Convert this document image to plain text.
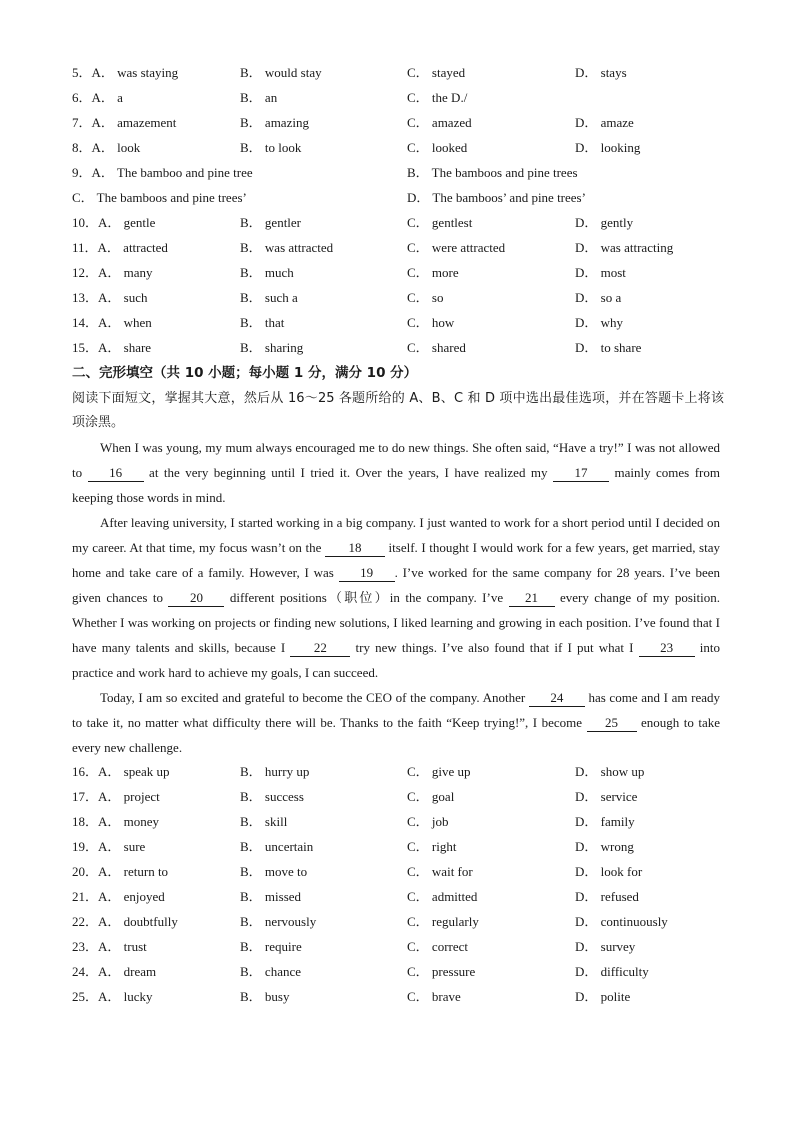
5．A． was staying	B． would stay	C． stayed	D． stays
6．A． a	B． an	C． the D./
7．A． amazement	B． amazing	C． amazed	D． amaze
8．A． look	B． to look	C． looked	D． looking
9．A． The bamboo and pine tree	B． The bamboos and pine trees
C． The bamboos and pine trees’	D． The bamboos’ and pine trees’
10．A． gentle	B． gentler	C． gentlest	D． gently
11．A． attracted	B． was attracted	C． were attracted	D． was attracting
12．A． many	B． much	C． more	D． most
13．A． such	B． such a	C． so	D． so a
14．A． when	B． that	C． how	D． why
15．A． share	B． sharing	C． shared	D． to share
二、完形填空（共 10 小题；每小题 1 分，满分 10 分）
阅读下面短文，掌握其大意，然后从 16～25 各题所给的 A、B、C 和 D 项中选出最佳选项，并在答题卡上将该项涂黑。

When I was young, my mum always encouraged me to do new things. She often said, “Have a try!” I was not allowed to 16 at the very beginning until I tried it. Over the years, I have realized my 17 mainly comes from keeping those words in mind.

After leaving university, I started working in a big company. I just wanted to work for a short period until I decided on my career. At that time, my focus wasn’t on the 18 itself. I thought I would work for a few years, get married, stay home and take care of a family. However, I was 19 . I’ve worked for the same company for 28 years. I’ve been given chances to 20 different positions（职位）in the company. I’ve 21 every change of my position. Whether I was working on projects or finding new solutions, I liked learning and growing in each position. I’ve found that I have many talents and skills, because I 22 try new things. I’ve also found that if I put what I 23 into practice and work hard to achieve my goals, I can succeed.

Today, I am so excited and grateful to become the CEO of the company. Another 24 has come and I am ready to take it, no matter what difficulty there will be. Thanks to the faith “Keep trying!”, I become 25 enough to take every new challenge.

16．A． speak up	B． hurry up	C． give up	D． show up
17．A． project	B． success	C． goal	D． service
18．A． money	B． skill	C． job	D． family
19．A． sure	B． uncertain	C． right	D． wrong
20．A． return to	B． move to	C． wait for	D． look for
21．A． enjoyed	B． missed	C． admitted	D． refused
22．A． doubtfully	B． nervously	C． regularly	D． continuously
23．A． trust	B． require	C． correct	D． survey
24．A． dream	B． chance	C． pressure	D． difficulty
25．A． lucky	B． busy	C． brave	D． polite
